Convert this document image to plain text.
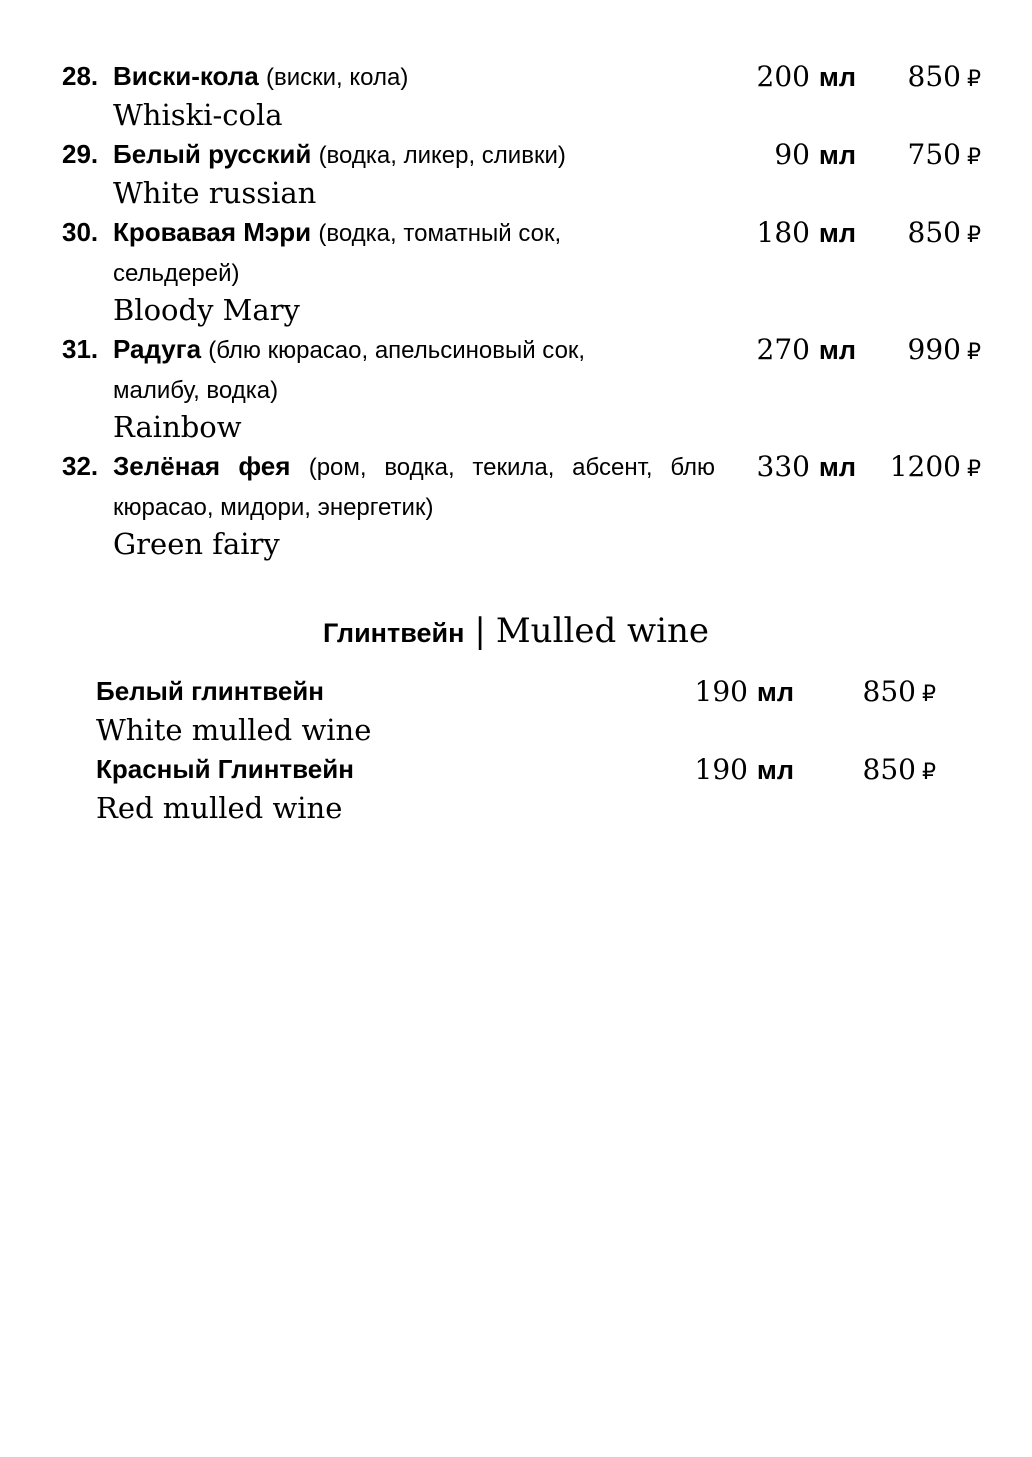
28. Виски-кола (виски, кола)
Whiski-cola
200 мл 850 ₽
29. Белый русский (водка, ликер, сливки)
White russian
90 мл 750 ₽
30. Кровавая Мэри (водка, томатный сок, сельдерей)
Bloody Mary
180 мл 850 ₽
31. Радуга (блю кюрасао, апельсиновый сок, малибу, водка)
Rainbow
270 мл 990 ₽
32. Зелёная фея (ром, водка, текила, абсент, блю кюрасао, мидори, энергетик)
Green fairy
330 мл 1200 ₽
Глинтвейн | Mulled wine
Белый глинтвейн
White mulled wine
190 мл 850 ₽
Красный Глинтвейн
Red mulled wine
190 мл 850 ₽
